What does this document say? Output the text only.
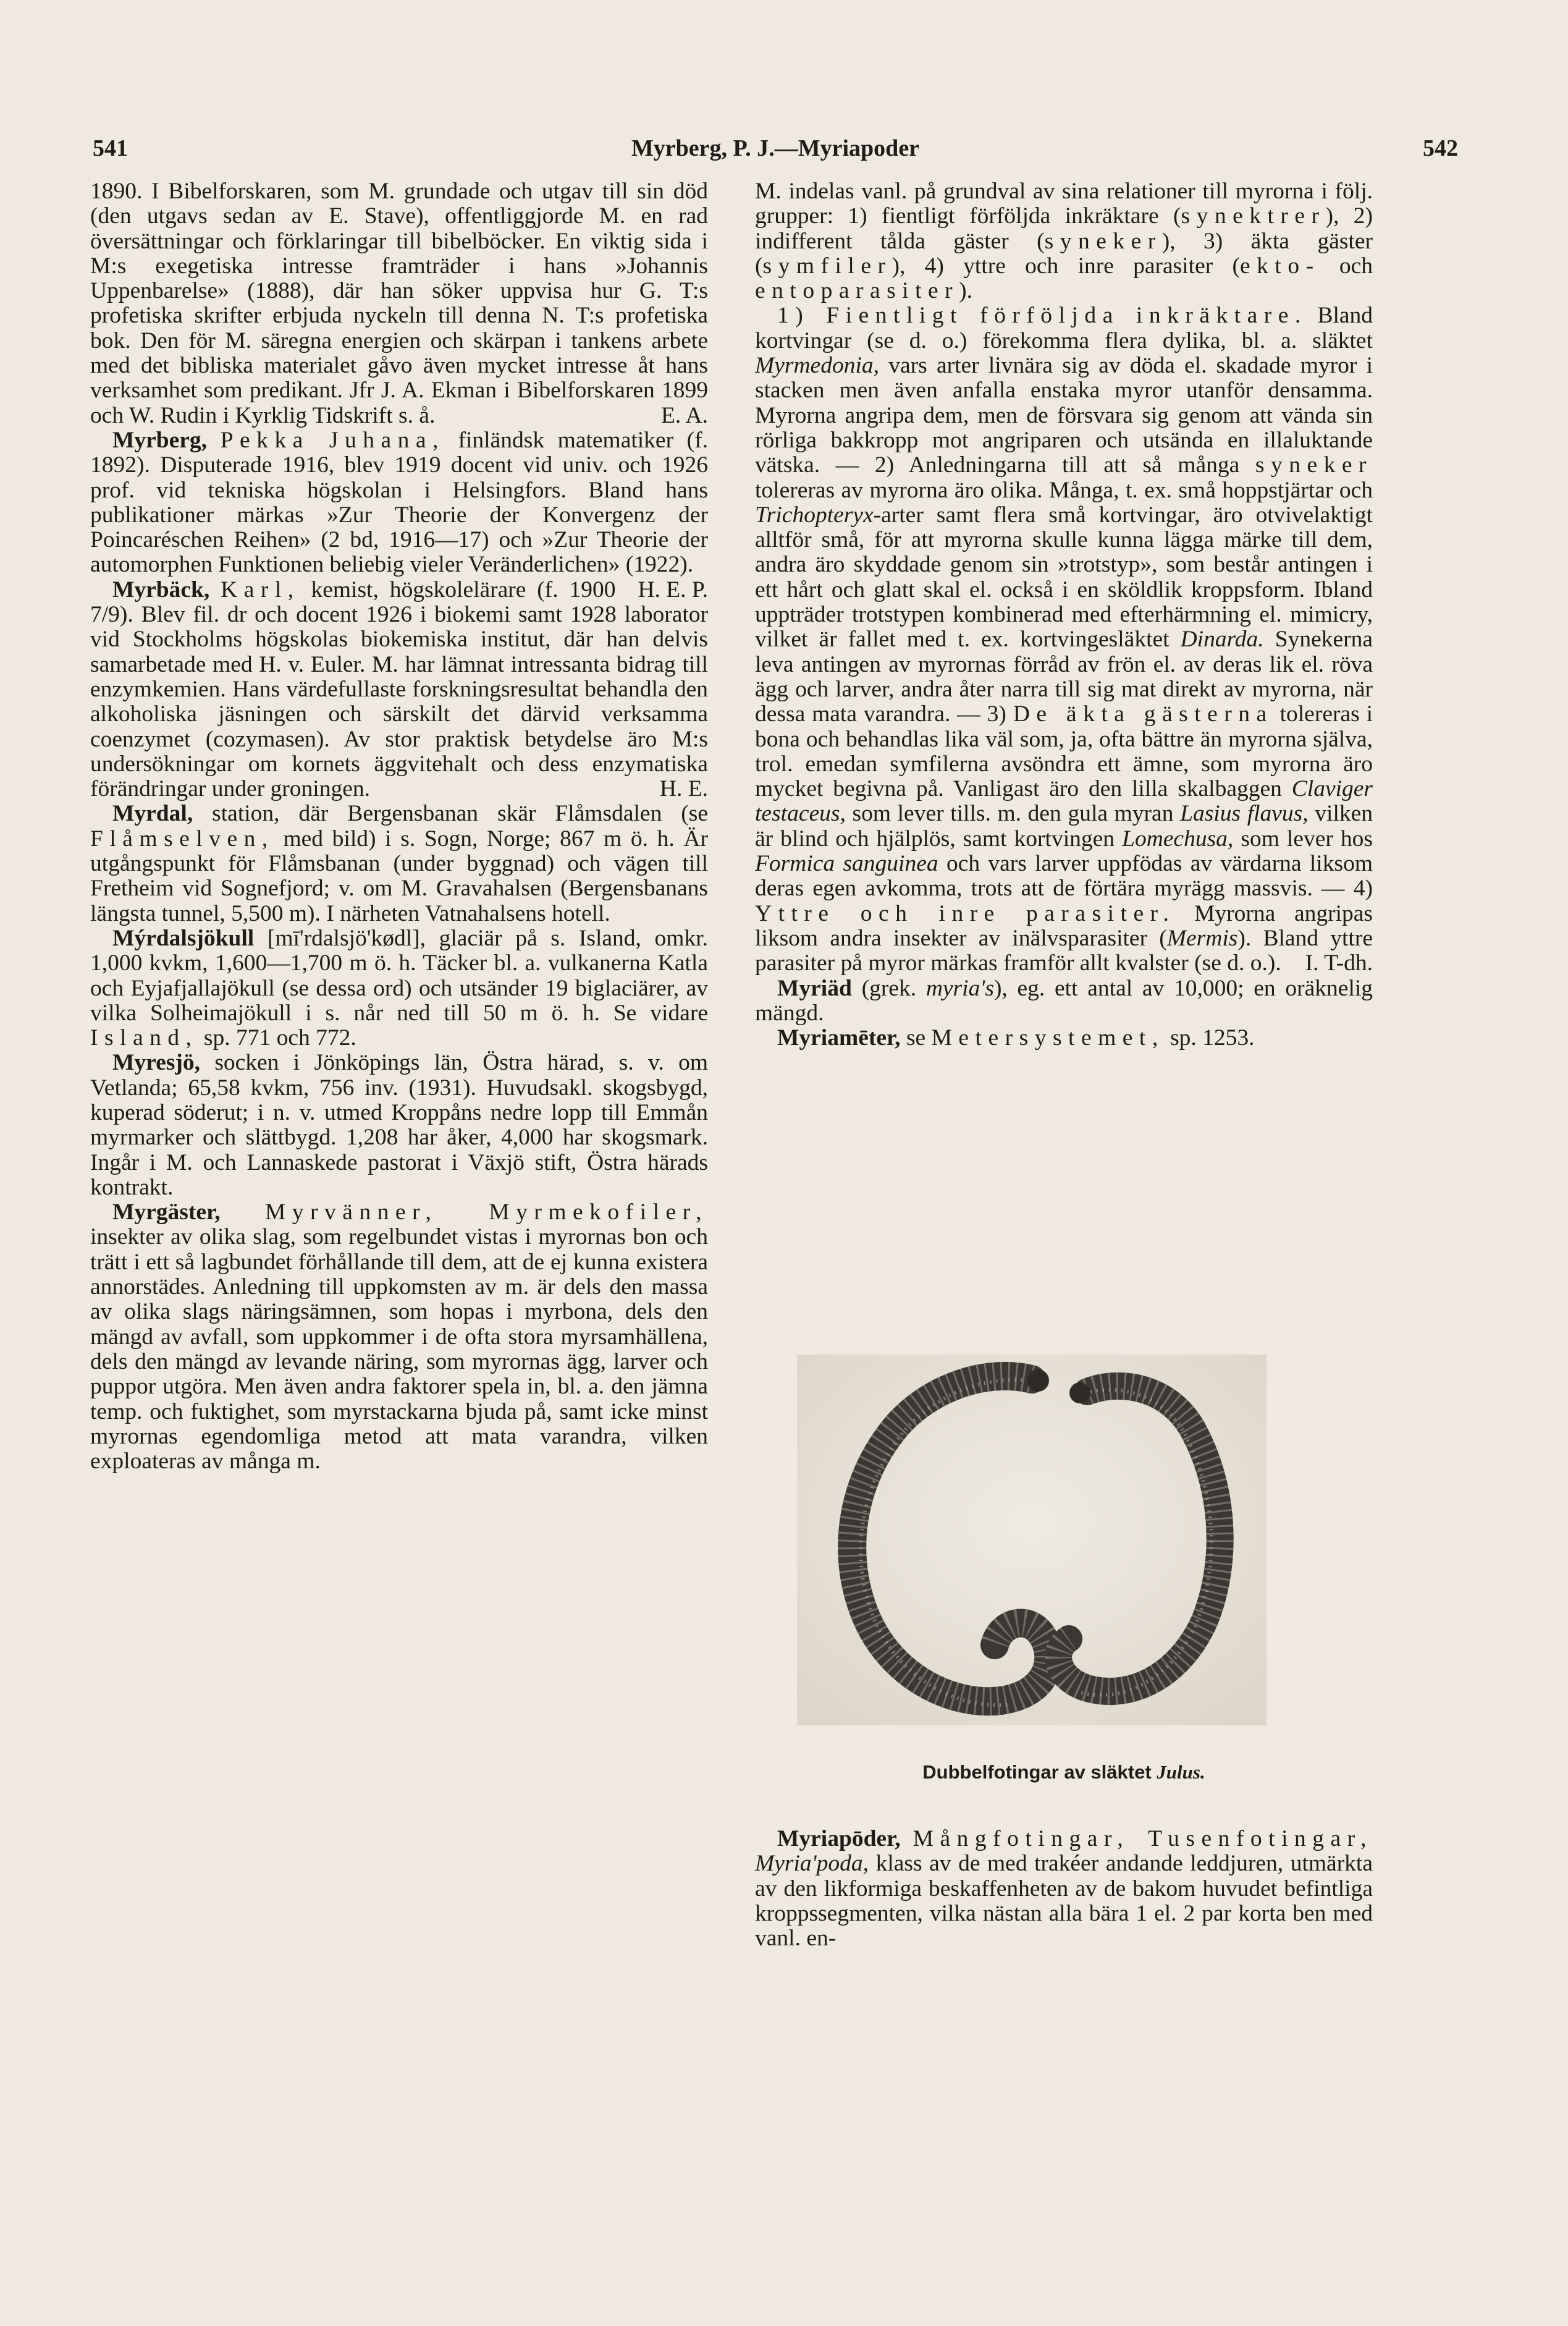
541	Myrberg, P. J.—Myriapoder	542

1890. I Bibelforskaren, som M. grundade och utgav till sin död (den utgavs sedan av E. Stave), offentliggjorde M. en rad översättningar och förklaringar till bibelböcker. En viktig sida i M:s exegetiska intresse framträder i hans »Johannis Uppenbarelse» (1888), där han söker uppvisa hur G. T:s profetiska skrifter erbjuda nyckeln till denna N. T:s profetiska bok. Den för M. säregna energien och skärpan i tankens arbete med det bibliska materialet gåvo även mycket intresse åt hans verksamhet som predikant. Jfr J. A. Ekman i Bibelforskaren 1899 och W. Rudin i Kyrklig Tidskrift s. å.	E. A.

Myrberg, Pekka Juhana, finländsk matematiker (f. 1892). Disputerade 1916, blev 1919 docent vid univ. och 1926 prof. vid tekniska högskolan i Helsingfors. Bland hans publikationer märkas »Zur Theorie der Konvergenz der Poincaréschen Reihen» (2 bd, 1916—17) och »Zur Theorie der automorphen Funktionen beliebig vieler Veränderlichen» (1922).
H. E. P.

Myrbäck, Karl, kemist, högskolelärare (f. 1900 7/9). Blev fil. dr och docent 1926 i biokemi samt 1928 laborator vid Stockholms högskolas biokemiska institut, där han delvis samarbetade med H. v. Euler. M. har lämnat intressanta bidrag till enzymkemien. Hans värdefullaste forskningsresultat behandla den alkoholiska jäsningen och särskilt det därvid verksamma coenzymet (cozymasen). Av stor praktisk betydelse äro M:s undersökningar om kornets äggvitehalt och dess enzymatiska förändringar under groningen.	H. E.

Myrdal, station, där Bergensbanan skär Flåmsdalen (se Flåmselven, med bild) i s. Sogn, Norge; 867 m ö. h. Är utgångspunkt för Flåmsbanan (under byggnad) och vägen till Fretheim vid Sognefjord; v. om M. Gravahalsen (Bergensbanans längsta tunnel, 5,500 m). I närheten Vatnahalsens hotell.

Mýrdalsjökull [mī'rdalsjö'kødl], glaciär på s. Island, omkr. 1,000 kvkm, 1,600—1,700 m ö. h. Täcker bl. a. vulkanerna Katla och Eyjafjallajökull (se dessa ord) och utsänder 19 biglaciärer, av vilka Solheimajökull i s. når ned till 50 m ö. h. Se vidare Island, sp. 771 och 772.

Myresjö, socken i Jönköpings län, Östra härad, s. v. om Vetlanda; 65,58 kvkm, 756 inv. (1931). Huvudsakl. skogsbygd, kuperad söderut; i n. v. utmed Kroppåns nedre lopp till Emmån myrmarker och slättbygd. 1,208 har åker, 4,000 har skogsmark. Ingår i M. och Lannaskede pastorat i Växjö stift, Östra härads kontrakt.

Myrgäster, Myrvänner, Myrmekofiler, insekter av olika slag, som regelbundet vistas i myrornas bon och trätt i ett så lagbundet förhållande till dem, att de ej kunna existera annorstädes. Anledning till uppkomsten av m. är dels den massa av olika slags näringsämnen, som hopas i myrbona, dels den mängd av avfall, som uppkommer i de ofta stora myrsamhällena, dels den mängd av levande näring, som myrornas ägg, larver och puppor utgöra. Men även andra faktorer spela in, bl. a. den jämna temp. och fuktighet, som myrstackarna bjuda på, samt icke minst myrornas egendomliga metod att mata varandra, vilken exploateras av många m.

M. indelas vanl. på grundval av sina relationer till myrorna i följ. grupper: 1) fientligt förföljda inkräktare (synektrer), 2) indifferent tålda gäster (syneker), 3) äkta gäster (symfiler), 4) yttre och inre parasiter (ekto- och entoparasiter).

1) Fientligt förföljda inkräktare. Bland kortvingar (se d. o.) förekomma flera dylika, bl. a. släktet Myrmedonia, vars arter livnära sig av döda el. skadade myror i stacken men även anfalla enstaka myror utanför densamma. Myrorna angripa dem, men de försvara sig genom att vända sin rörliga bakkropp mot angriparen och utsända en illaluktande vätska. — 2) Anledningarna till att så många syneker tolereras av myrorna äro olika. Många, t. ex. små hoppstjärtar och Trichopteryx-arter samt flera små kortvingar, äro otvivelaktigt alltför små, för att myrorna skulle kunna lägga märke till dem, andra äro skyddade genom sin »trotstyp», som består antingen i ett hårt och glatt skal el. också i en sköldlik kroppsform. Ibland uppträder trotstypen kombinerad med efterhärmning el. mimicry, vilket är fallet med t. ex. kortvingesläktet Dinarda. Synekerna leva antingen av myrornas förråd av frön el. av deras lik el. röva ägg och larver, andra åter narra till sig mat direkt av myrorna, när dessa mata varandra. — 3) De äkta gästerna tolereras i bona och behandlas lika väl som, ja, ofta bättre än myrorna själva, trol. emedan symfilerna avsöndra ett ämne, som myrorna äro mycket begivna på. Vanligast äro den lilla skalbaggen Claviger testaceus, som lever tills. m. den gula myran Lasius flavus, vilken är blind och hjälplös, samt kortvingen Lomechusa, som lever hos Formica sanguinea och vars larver uppfödas av värdarna liksom deras egen avkomma, trots att de förtära myrägg massvis. — 4) Yttre och inre parasiter. Myrorna angripas liksom andra insekter av inälvsparasiter (Mermis). Bland yttre parasiter på myror märkas framför allt kvalster (se d. o.).	I. T-dh.

Myriäd (grek. myria's), eg. ett antal av 10,000; en oräknelig mängd.

Myriamēter, se Metersystemet, sp. 1253.

Dubbelfotingar av släktet Julus.

Myriapōder, Mångfotingar, Tusenfotingar, Myria'poda, klass av de med trakéer andande leddjuren, utmärkta av den likformiga beskaffenheten av de bakom huvudet befintliga kroppssegmenten, vilka nästan alla bära 1 el. 2 par korta ben med vanl. en-
